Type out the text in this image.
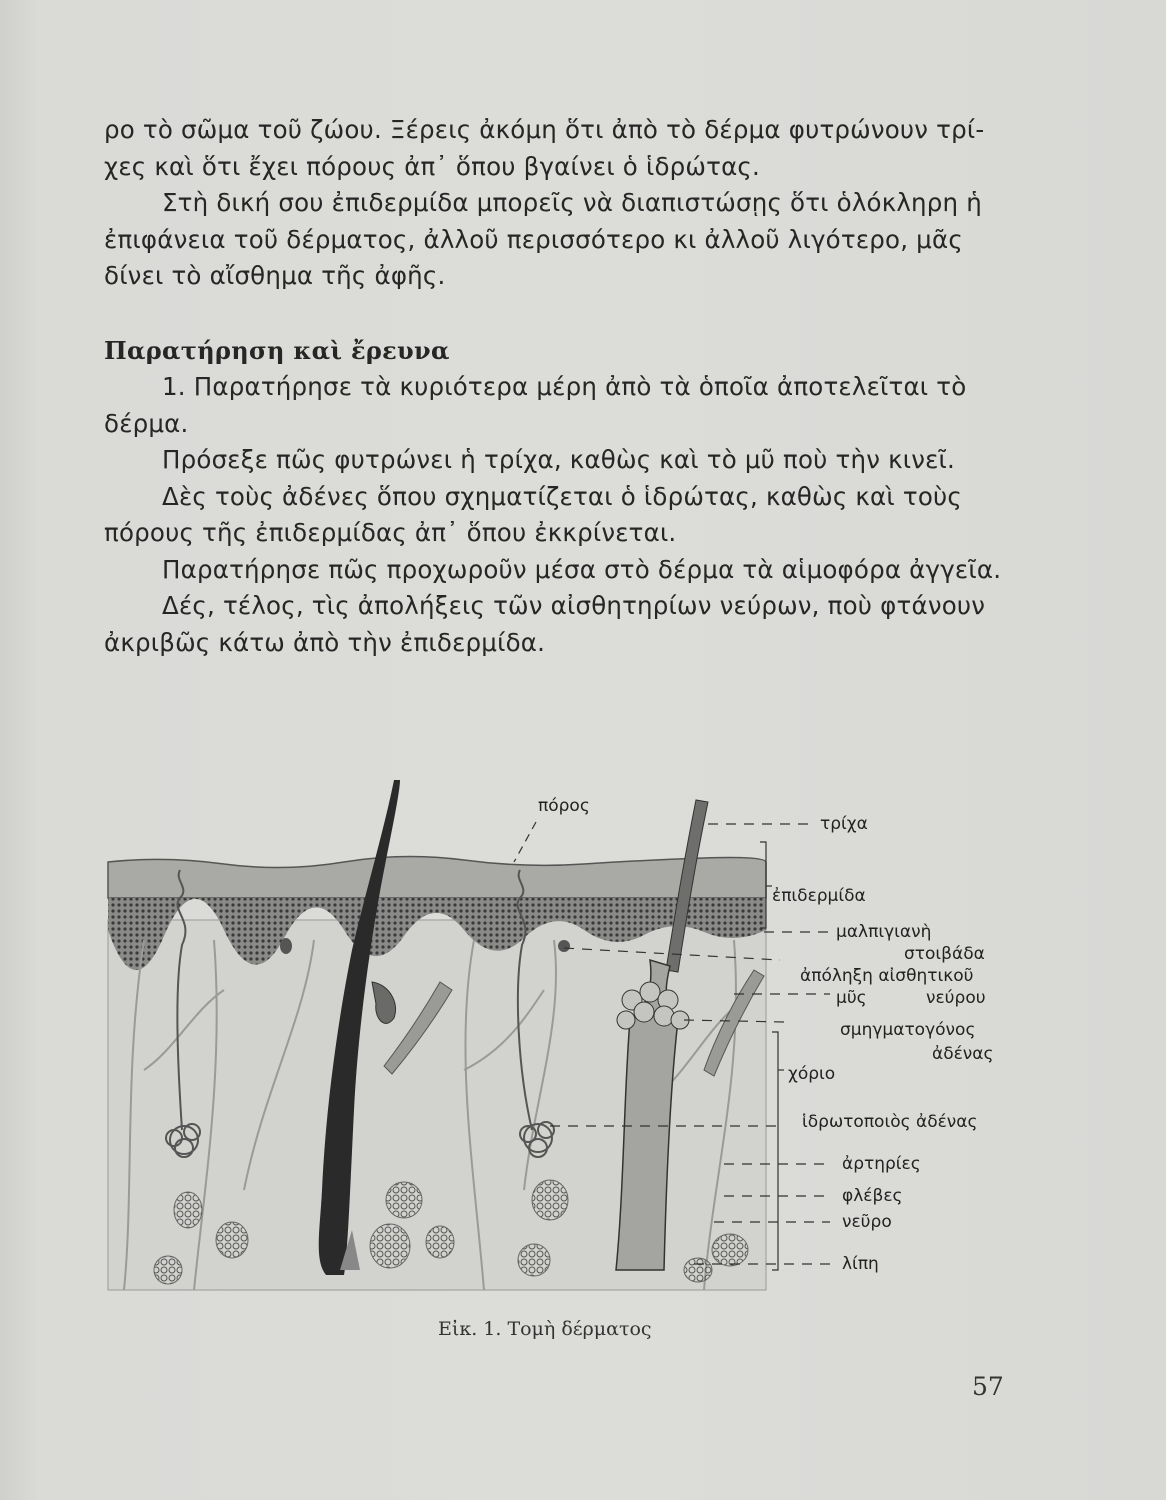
ρο τὸ σῶμα τοῦ ζώου. Ξέρεις ἀκόμη ὅτι ἀπὸ τὸ δέρμα φυτρώνουν τρί-χες καὶ ὅτι ἔχει πόρους ἀπ᾽ ὅπου βγαίνει ὁ ἱδρώτας.

Στὴ δική σου ἐπιδερμίδα μπορεῖς νὰ διαπιστώσῃς ὅτι ὁλόκληρη ἡ ἐπιφάνεια τοῦ δέρματος, ἀλλοῦ περισσότερο κι ἀλλοῦ λιγότερο, μᾶς δίνει τὸ αἴσθημα τῆς ἀφῆς.

Παρατήρηση καὶ ἔρευνα

1. Παρατήρησε τὰ κυριότερα μέρη ἀπὸ τὰ ὁποῖα ἀποτελεῖται τὸ δέρμα.

Πρόσεξε πῶς φυτρώνει ἡ τρίχα, καθὼς καὶ τὸ μῦ ποὺ τὴν κινεῖ.

Δὲς τοὺς ἀδένες ὅπου σχηματίζεται ὁ ἱδρώτας, καθὼς καὶ τοὺς πόρους τῆς ἐπιδερμίδας ἀπ᾽ ὅπου ἐκκρίνεται.

Παρατήρησε πῶς προχωροῦν μέσα στὸ δέρμα τὰ αἱμοφόρα ἀγγεῖα.

Δές, τέλος, τὶς ἀπολήξεις τῶν αἰσθητηρίων νεύρων, ποὺ φτάνουν ἀκριβῶς κάτω ἀπὸ τὴν ἐπιδερμίδα.

πόρος
τρίχα
ἐπιδερμίδα
μαλπιγιανὴ
στοιβάδα
ἀπόληξη αἰσθητικοῦ
νεύρου
μῦς
σμηγματογόνος
ἀδένας
χόριο
ἱδρωτοποιὸς ἀδένας
ἀρτηρίες
φλέβες
νεῦρο
λίπη
Εἰκ. 1. Τομὴ δέρματος
57
